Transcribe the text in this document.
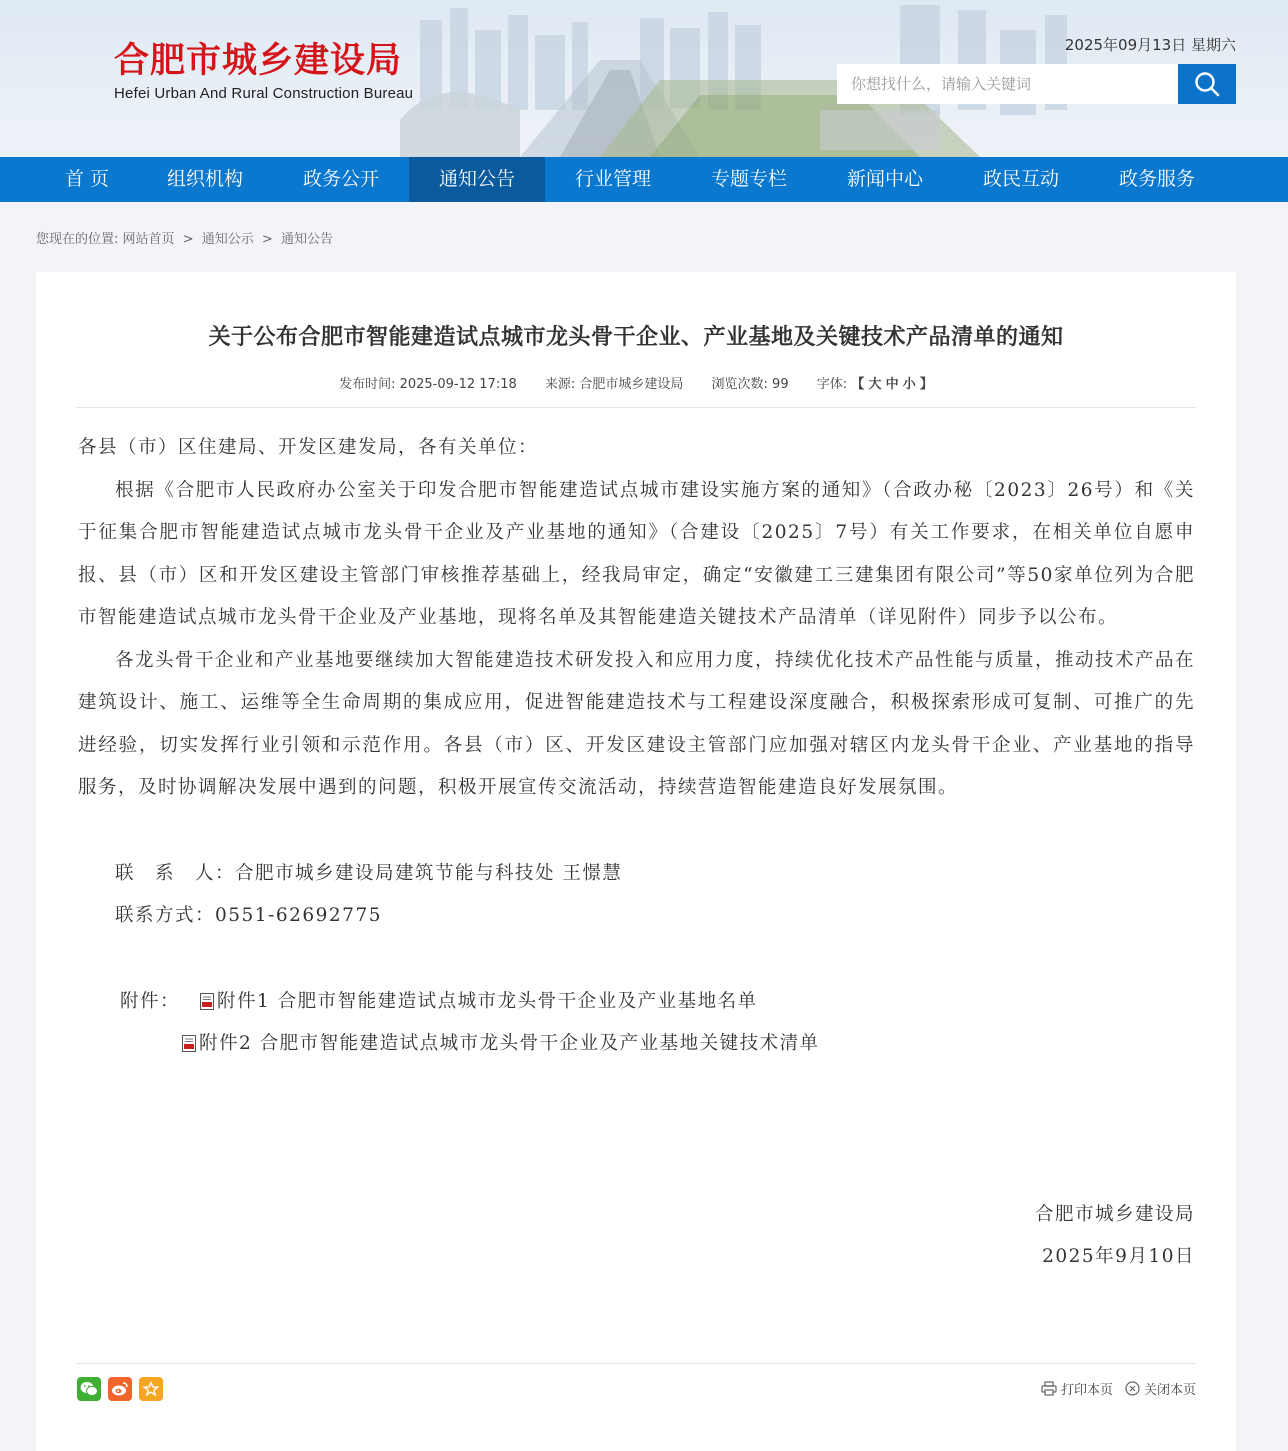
合肥市城乡建设局
Hefei Urban And Rural Construction Bureau
2025年09月13日 星期六
你想找什么，请输入关键词
首 页	组织机构	政务公开	通知公告	行业管理	专题专栏	新闻中心	政民互动	政务服务
您现在的位置: 网站首页 > 通知公示 > 通知公告
关于公布合肥市智能建造试点城市龙头骨干企业、产业基地及关键技术产品清单的通知
发布时间: 2025-09-12 17:18 来源: 合肥市城乡建设局 浏览次数: 99 字体: 【 大 中 小 】

各县（市）区住建局、开发区建发局，各有关单位：

根据《合肥市人民政府办公室关于印发合肥市智能建造试点城市建设实施方案的通知》（合政办秘〔2023〕26号）和《关于征集合肥市智能建造试点城市龙头骨干企业及产业基地的通知》（合建设〔2025〕7号）有关工作要求，在相关单位自愿申报、县（市）区和开发区建设主管部门审核推荐基础上，经我局审定，确定“安徽建工三建集团有限公司”等50家单位列为合肥市智能建造试点城市龙头骨干企业及产业基地，现将名单及其智能建造关键技术产品清单（详见附件）同步予以公布。

各龙头骨干企业和产业基地要继续加大智能建造技术研发投入和应用力度，持续优化技术产品性能与质量，推动技术产品在建筑设计、施工、运维等全生命周期的集成应用，促进智能建造技术与工程建设深度融合，积极探索形成可复制、可推广的先进经验，切实发挥行业引领和示范作用。各县（市）区、开发区建设主管部门应加强对辖区内龙头骨干企业、产业基地的指导服务，及时协调解决发展中遇到的问题，积极开展宣传交流活动，持续营造智能建造良好发展氛围。

联　系　人：合肥市城乡建设局建筑节能与科技处 王憬慧

联系方式：0551-62692775

附件：	附件1 合肥市智能建造试点城市龙头骨干企业及产业基地名单
附件2 合肥市智能建造试点城市龙头骨干企业及产业基地关键技术清单

合肥市城乡建设局

2025年9月10日

打印本页 关闭本页
